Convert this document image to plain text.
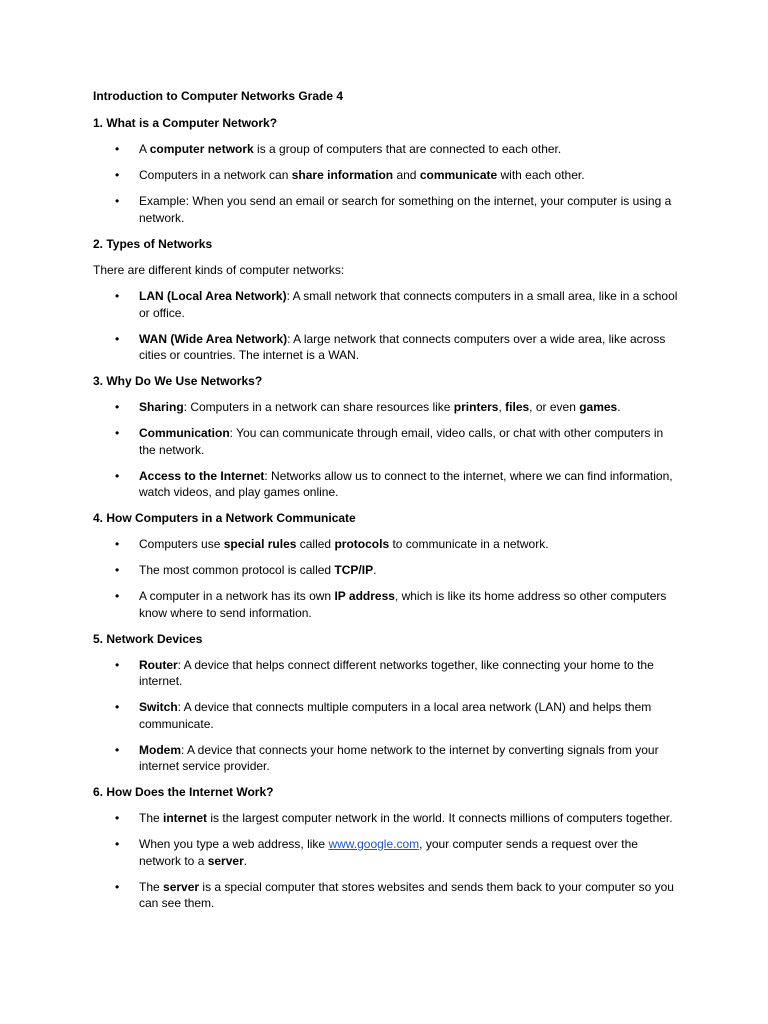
Introduction to Computer Networks Grade 4
1. What is a Computer Network?
• A computer network is a group of computers that are connected to each other.
• Computers in a network can share information and communicate with each other.
• Example: When you send an email or search for something on the internet, your computer is using a network.
2. Types of Networks
There are different kinds of computer networks:
• LAN (Local Area Network): A small network that connects computers in a small area, like in a school or office.
• WAN (Wide Area Network): A large network that connects computers over a wide area, like across cities or countries. The internet is a WAN.
3. Why Do We Use Networks?
• Sharing: Computers in a network can share resources like printers, files, or even games.
• Communication: You can communicate through email, video calls, or chat with other computers in the network.
• Access to the Internet: Networks allow us to connect to the internet, where we can find information, watch videos, and play games online.
4. How Computers in a Network Communicate
• Computers use special rules called protocols to communicate in a network.
• The most common protocol is called TCP/IP.
• A computer in a network has its own IP address, which is like its home address so other computers know where to send information.
5. Network Devices
• Router: A device that helps connect different networks together, like connecting your home to the internet.
• Switch: A device that connects multiple computers in a local area network (LAN) and helps them communicate.
• Modem: A device that connects your home network to the internet by converting signals from your internet service provider.
6. How Does the Internet Work?
• The internet is the largest computer network in the world. It connects millions of computers together.
• When you type a web address, like www.google.com, your computer sends a request over the network to a server.
• The server is a special computer that stores websites and sends them back to your computer so you can see them.
